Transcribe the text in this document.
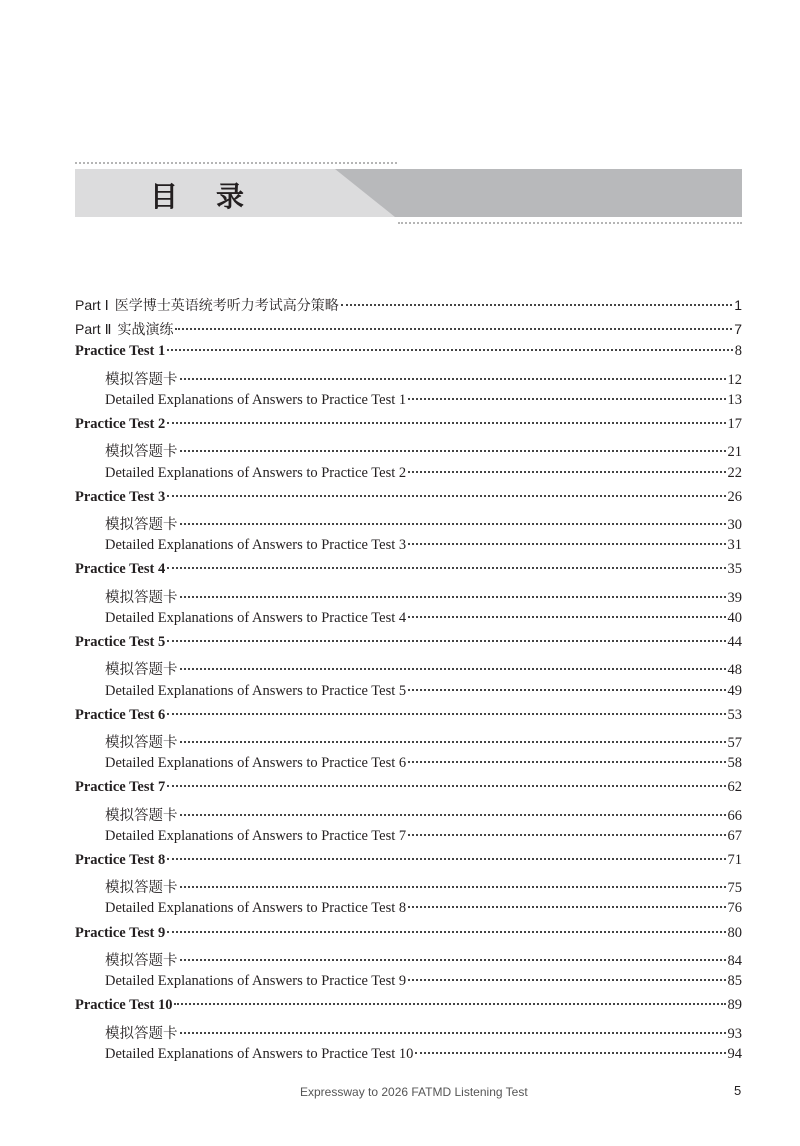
目录
Part Ⅰ 医学博士英语统考听力考试高分策略	1
Part Ⅱ 实战演练	7
Practice Test 1	8
模拟答题卡	12
Detailed Explanations of Answers to Practice Test 1	13
Practice Test 2	17
模拟答题卡	21
Detailed Explanations of Answers to Practice Test 2	22
Practice Test 3	26
模拟答题卡	30
Detailed Explanations of Answers to Practice Test 3	31
Practice Test 4	35
模拟答题卡	39
Detailed Explanations of Answers to Practice Test 4	40
Practice Test 5	44
模拟答题卡	48
Detailed Explanations of Answers to Practice Test 5	49
Practice Test 6	53
模拟答题卡	57
Detailed Explanations of Answers to Practice Test 6	58
Practice Test 7	62
模拟答题卡	66
Detailed Explanations of Answers to Practice Test 7	67
Practice Test 8	71
模拟答题卡	75
Detailed Explanations of Answers to Practice Test 8	76
Practice Test 9	80
模拟答题卡	84
Detailed Explanations of Answers to Practice Test 9	85
Practice Test 10	89
模拟答题卡	93
Detailed Explanations of Answers to Practice Test 10	94
Expressway to 2026 FATMD Listening Test	5
